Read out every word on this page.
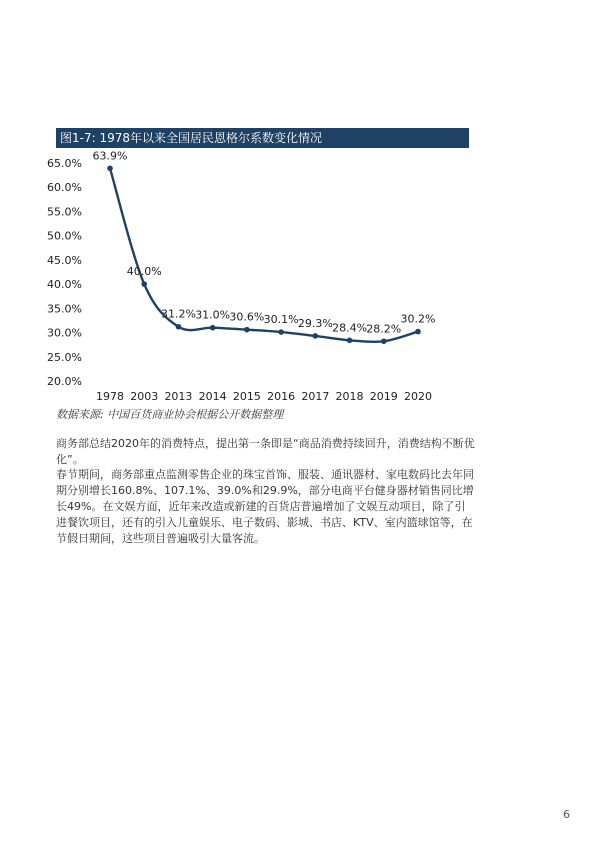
图1-7: 1978年以来全国居民恩格尔系数变化情况
20.0%
25.0%
30.0%
35.0%
40.0%
45.0%
50.0%
55.0%
60.0%
65.0%
63.9%
40.0%
31.2% 31.0% 30.6% 30.1% 29.3% 28.4% 28.2%
30.2%
1978 2003 2013 2014 2015 2016 2017 2018 2019 2020
数据来源: 中国百货商业协会根据公开数据整理

商务部总结2020年的消费特点，提出第一条即是“商品消费持续回升，消费结构不断优化”。

春节期间，商务部重点监测零售企业的珠宝首饰、服装、通讯器材、家电数码比去年同期分别增长160.8%、107.1%、39.0%和29.9%，部分电商平台健身器材销售同比增长49%。在文娱方面，近年来改造或新建的百货店普遍增加了文娱互动项目，除了引进餐饮项目，还有的引入儿童娱乐、电子数码、影城、书店、KTV、室内篮球馆等，在节假日期间，这些项目普遍吸引大量客流。

6
